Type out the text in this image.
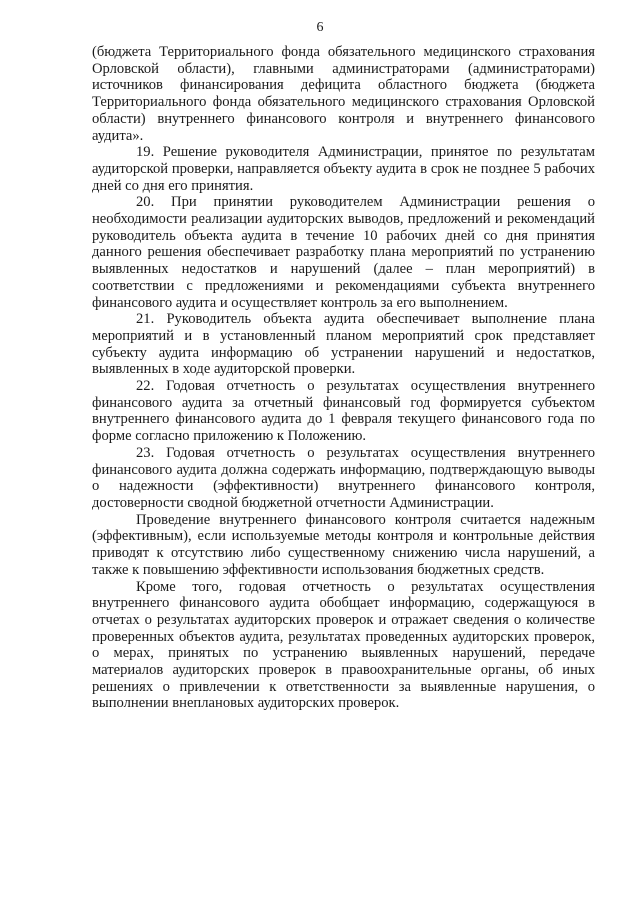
6

(бюджета Территориального фонда обязательного медицинского страхования Орловской области), главными администраторами (администраторами) источников финансирования дефицита областного бюджета (бюджета Территориального фонда обязательного медицинского страхования Орловской области) внутреннего финансового контроля и внутреннего финансового аудита».

19. Решение руководителя Администрации, принятое по результатам аудиторской проверки, направляется объекту аудита в срок не позднее 5 рабочих дней со дня его принятия.

20. При принятии руководителем Администрации решения о необходимости реализации аудиторских выводов, предложений и рекомендаций руководитель объекта аудита в течение 10 рабочих дней со дня принятия данного решения обеспечивает разработку плана мероприятий по устранению выявленных недостатков и нарушений (далее – план мероприятий) в соответствии с предложениями и рекомендациями субъекта внутреннего финансового аудита и осуществляет контроль за его выполнением.

21. Руководитель объекта аудита обеспечивает выполнение плана мероприятий и в установленный планом мероприятий срок представляет субъекту аудита информацию об устранении нарушений и недостатков, выявленных в ходе аудиторской проверки.

22. Годовая отчетность о результатах осуществления внутреннего финансового аудита за отчетный финансовый год формируется субъектом внутреннего финансового аудита до 1 февраля текущего финансового года по форме согласно приложению к Положению.

23. Годовая отчетность о результатах осуществления внутреннего финансового аудита должна содержать информацию, подтверждающую выводы о надежности (эффективности) внутреннего финансового контроля, достоверности сводной бюджетной отчетности Администрации.

Проведение внутреннего финансового контроля считается надежным (эффективным), если используемые методы контроля и контрольные действия приводят к отсутствию либо существенному снижению числа нарушений, а также к повышению эффективности использования бюджетных средств.

Кроме того, годовая отчетность о результатах осуществления внутреннего финансового аудита обобщает информацию, содержащуюся в отчетах о результатах аудиторских проверок и отражает сведения о количестве проверенных объектов аудита, результатах проведенных аудиторских проверок, о мерах, принятых по устранению выявленных нарушений, передаче материалов аудиторских проверок в правоохранительные органы, об иных решениях о привлечении к ответственности за выявленные нарушения, о выполнении внеплановых аудиторских проверок.
